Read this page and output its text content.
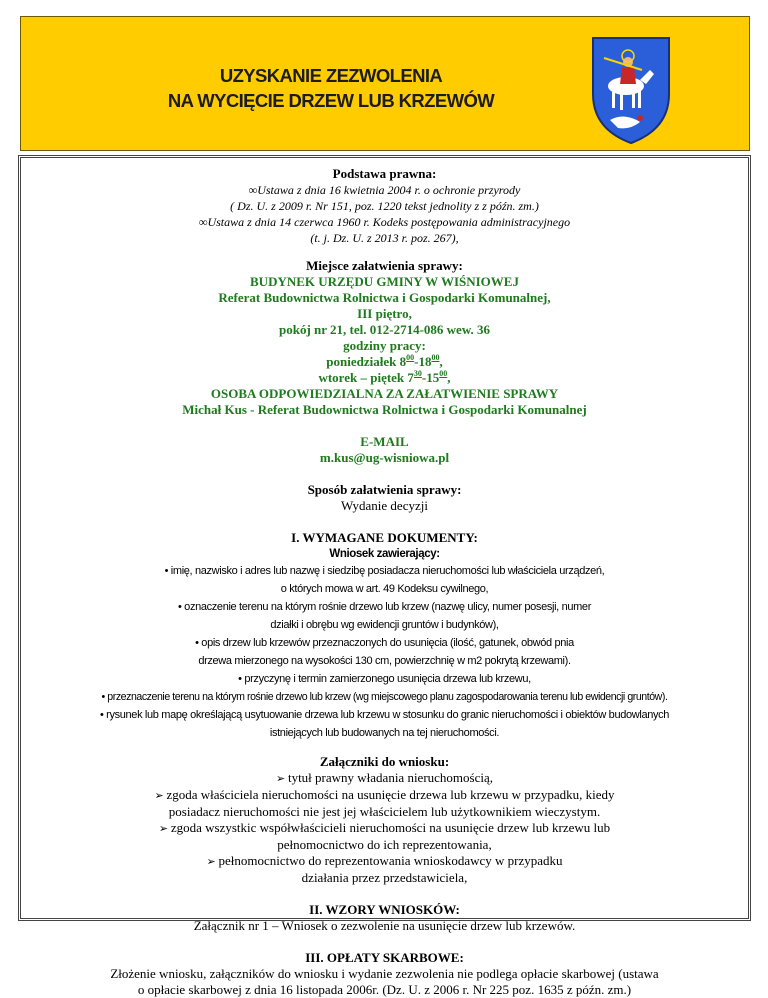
UZYSKANIE ZEZWOLENIA
NA WYCIĘCIE DRZEW LUB KRZEWÓW
Podstawa prawna:
∞Ustawa z dnia 16 kwietnia 2004 r. o ochronie przyrody
( Dz. U. z 2009 r. Nr 151, poz. 1220 tekst jednolity z z późn. zm.)
∞Ustawa z dnia 14 czerwca 1960 r. Kodeks postępowania administracyjnego
(t. j. Dz. U. z 2013 r. poz. 267),
Miejsce załatwienia sprawy:
BUDYNEK URZĘDU GMINY W WIŚNIOWEJ
Referat Budownictwa Rolnictwa i Gospodarki Komunalnej,
III piętro,
pokój nr 21, tel. 012-2714-086 wew. 36
godziny pracy:
poniedziałek $8^{00}-18^{00}$,
wtorek – piętek $7^{30}-15^{00}$,
OSOBA ODPOWIEDZIALNA ZA ZAŁATWIENIE SPRAWY
Michał Kus - Referat Budownictwa Rolnictwa i Gospodarki Komunalnej
E-MAIL
m.kus@ug-wisniowa.pl
Sposób załatwienia sprawy:
Wydanie decyzji
I. WYMAGANE DOKUMENTY:
Wniosek zawierający:
• imię, nazwisko i adres lub nazwę i siedzibę posiadacza nieruchomości lub właściciela urządzeń,
o których mowa w art. 49 Kodeksu cywilnego,
• oznaczenie terenu na którym rośnie drzewo lub krzew (nazwę ulicy, numer posesji, numer
działki i obrębu wg ewidencji gruntów i budynków),
• opis drzew lub krzewów przeznaczonych do usunięcia (ilość, gatunek, obwód pnia
drzewa mierzonego na wysokości 130 cm, powierzchnię w m2 pokrytą krzewami).
• przyczynę i termin zamierzonego usunięcia drzewa lub krzewu,
• przeznaczenie terenu na którym rośnie drzewo lub krzew (wg miejscowego planu zagospodarowania terenu lub ewidencji gruntów).
• rysunek lub mapę określającą usytuowanie drzewa lub krzewu w stosunku do granic nieruchomości i obiektów budowlanych
istniejących lub budowanych na tej nieruchomości.
Załączniki do wniosku:
➢ tytuł prawny władania nieruchomością,
➢ zgoda właściciela nieruchomości na usunięcie drzewa lub krzewu w przypadku, kiedy
posiadacz nieruchomości nie jest jej właścicielem lub użytkownikiem wieczystym.
➢ zgoda wszystkic współwłaścicieli nieruchomości na usunięcie drzew lub krzewu lub
pełnomocnictwo do ich reprezentowania,
➢ pełnomocnictwo do reprezentowania wnioskodawcy w przypadku
działania przez przedstawiciela,
II. WZORY WNIOSKÓW:
Załącznik nr 1 – Wniosek o zezwolenie na usunięcie drzew lub krzewów.
III. OPŁATY SKARBOWE:
Złożenie wniosku, załączników do wniosku i wydanie zezwolenia nie podlega opłacie skarbowej (ustawa
o opłacie skarbowej z dnia 16 listopada 2006r. (Dz. U. z 2006 r. Nr 225 poz. 1635 z późn. zm.)
